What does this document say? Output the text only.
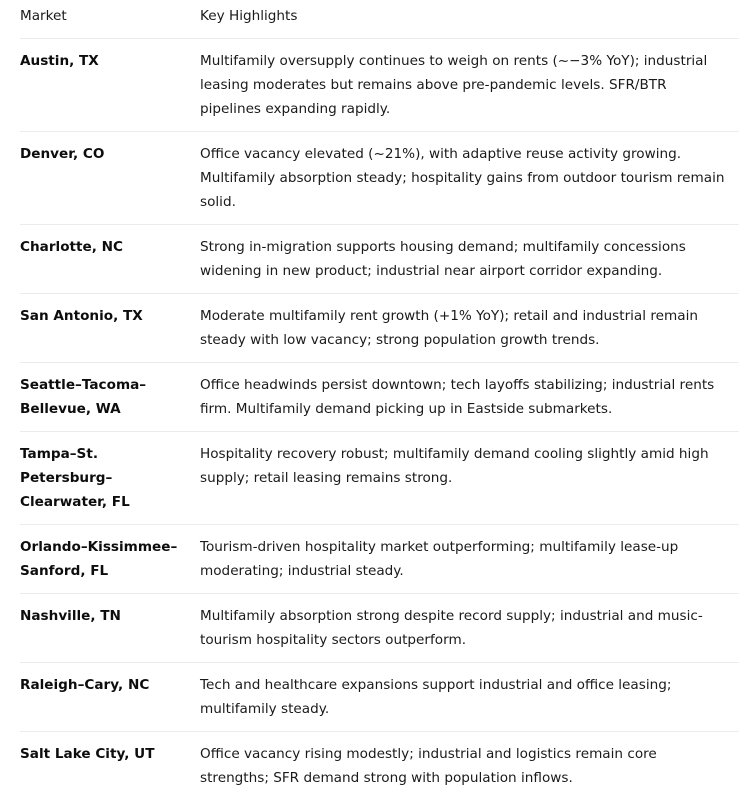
Market	Key Highlights
Austin, TX	Multifamily oversupply continues to weigh on rents (~−3% YoY); industrial leasing moderates but remains above pre-pandemic levels. SFR/BTR pipelines expanding rapidly.
Denver, CO	Office vacancy elevated (~21%), with adaptive reuse activity growing. Multifamily absorption steady; hospitality gains from outdoor tourism remain solid.
Charlotte, NC	Strong in-migration supports housing demand; multifamily concessions widening in new product; industrial near airport corridor expanding.
San Antonio, TX	Moderate multifamily rent growth (+1% YoY); retail and industrial remain steady with low vacancy; strong population growth trends.
Seattle–Tacoma–Bellevue, WA	Office headwinds persist downtown; tech layoffs stabilizing; industrial rents firm. Multifamily demand picking up in Eastside submarkets.
Tampa–St. Petersburg–Clearwater, FL	Hospitality recovery robust; multifamily demand cooling slightly amid high supply; retail leasing remains strong.
Orlando–Kissimmee–Sanford, FL	Tourism-driven hospitality market outperforming; multifamily lease-up moderating; industrial steady.
Nashville, TN	Multifamily absorption strong despite record supply; industrial and music-tourism hospitality sectors outperform.
Raleigh–Cary, NC	Tech and healthcare expansions support industrial and office leasing; multifamily steady.
Salt Lake City, UT	Office vacancy rising modestly; industrial and logistics remain core strengths; SFR demand strong with population inflows.
